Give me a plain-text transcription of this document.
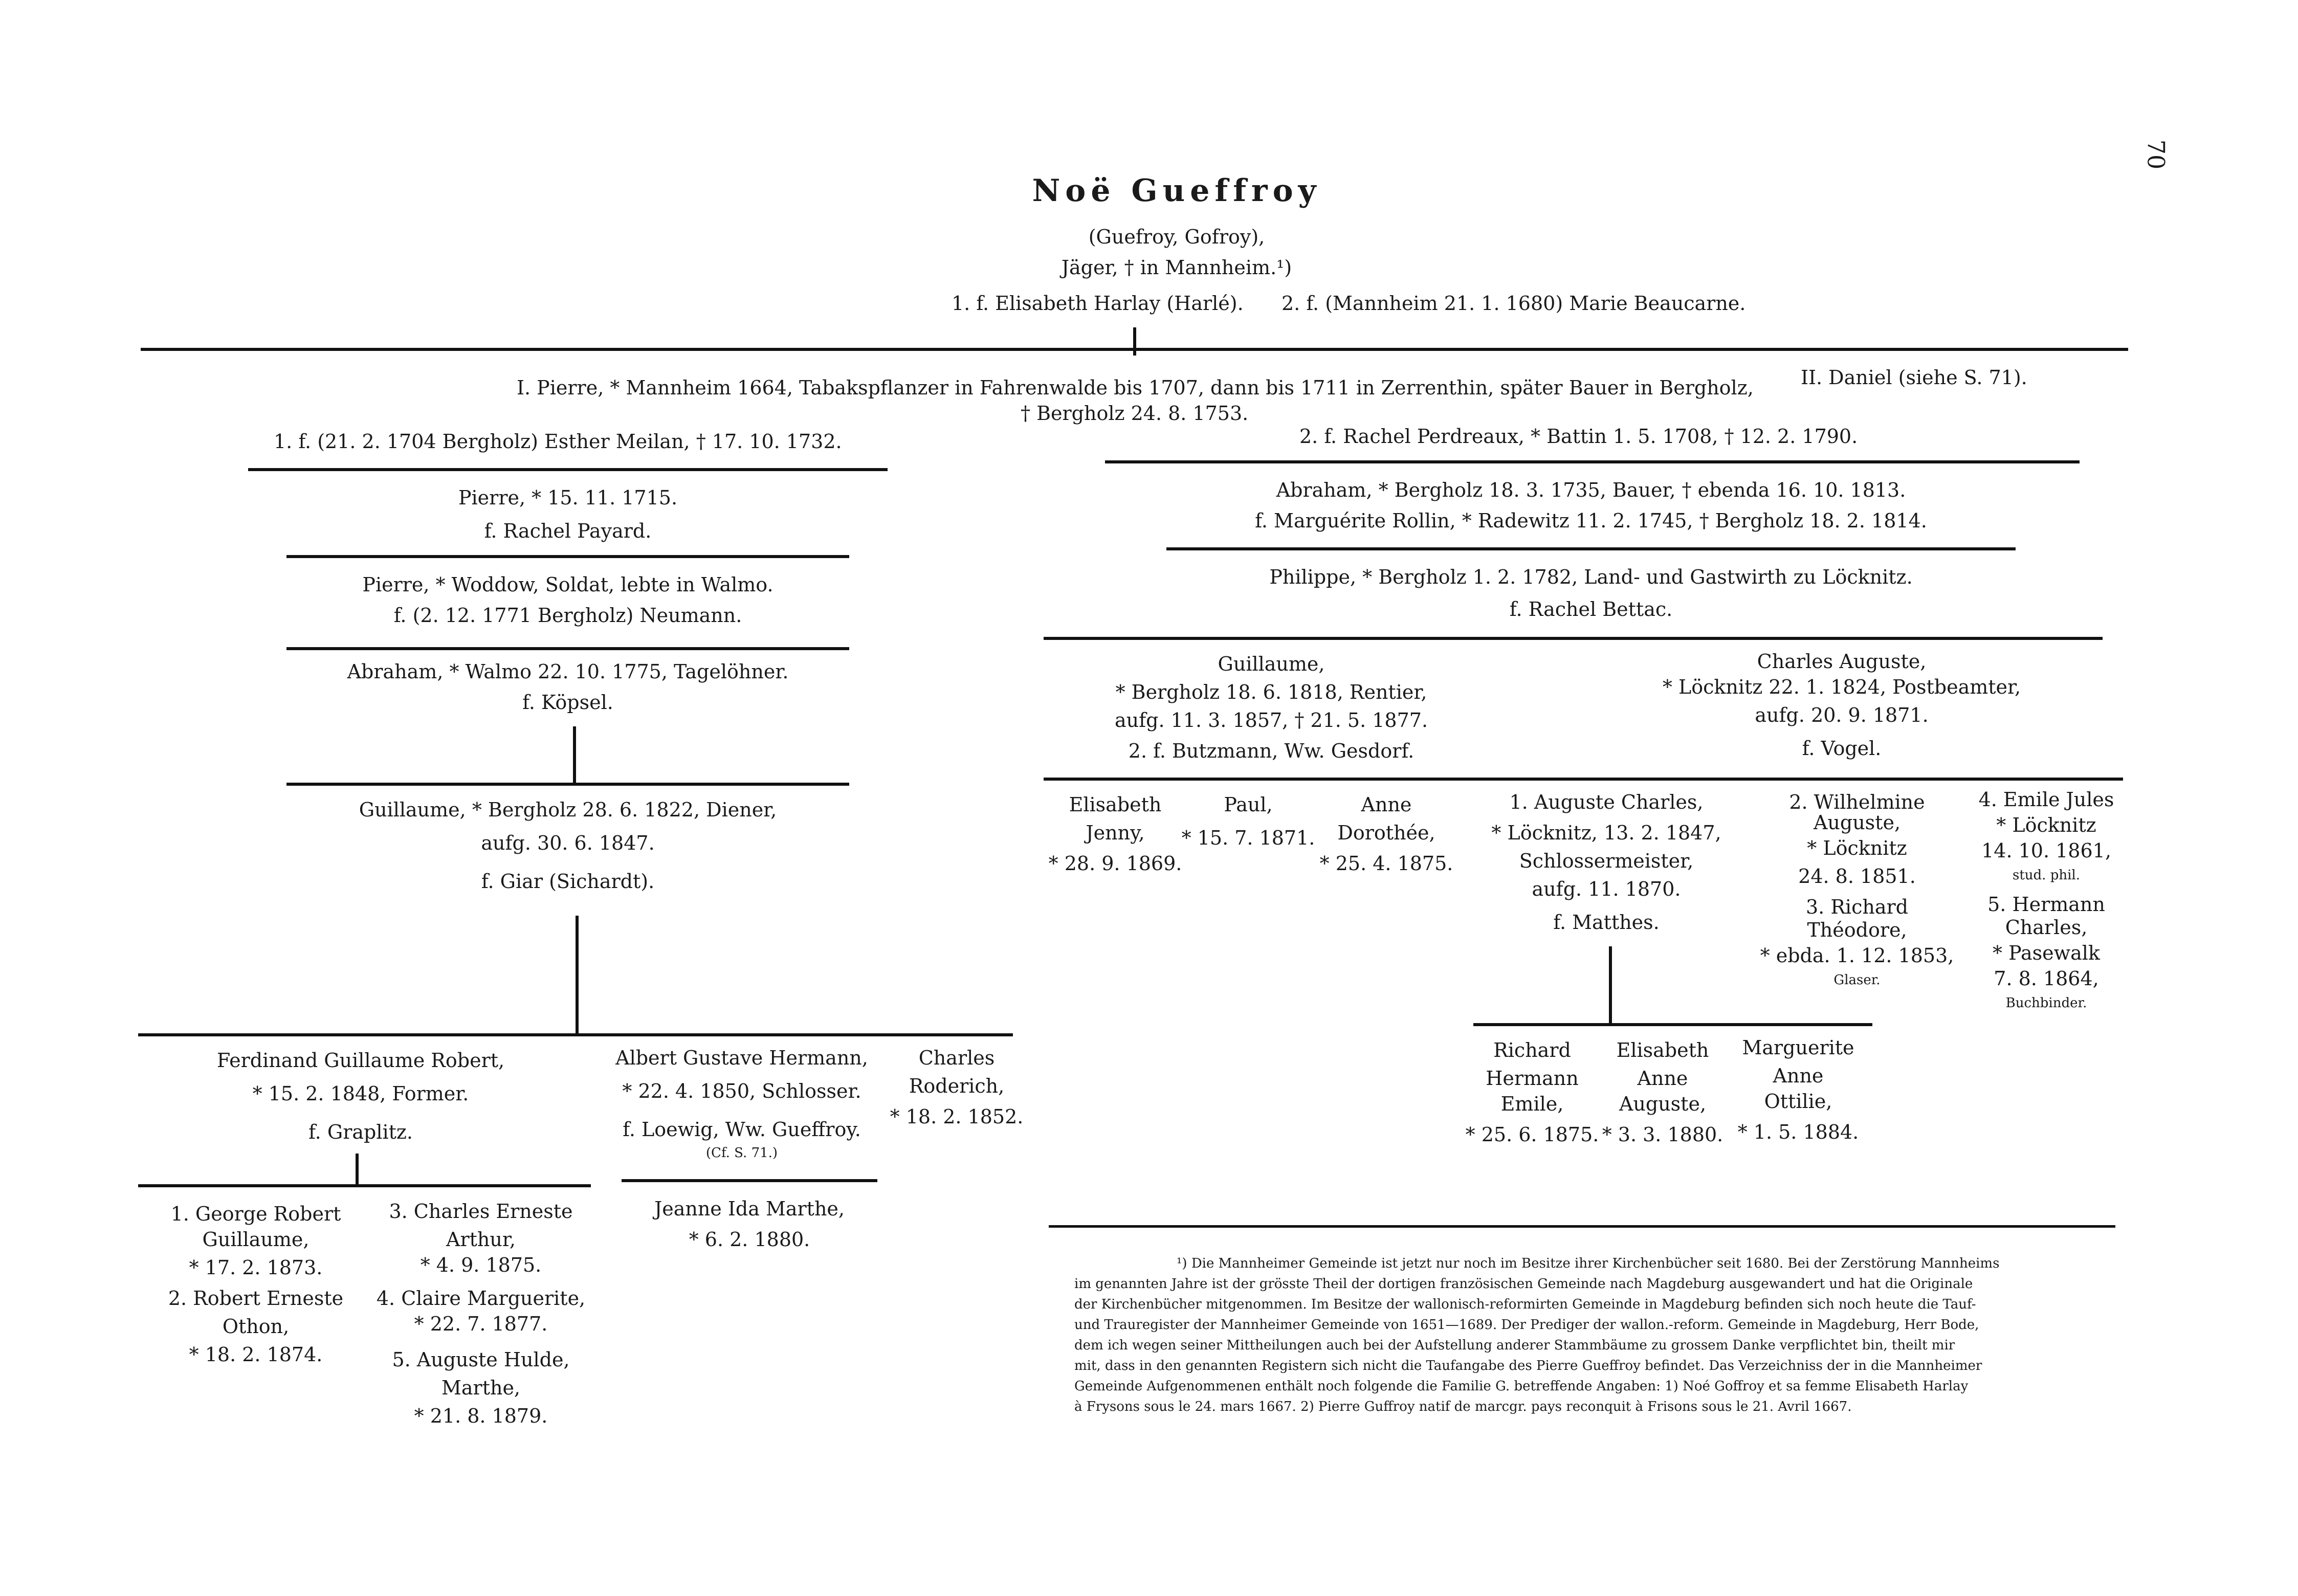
70
Noë Gueffroy
(Guefroy, Gofroy),
Jäger, † in Mannheim.¹)
1. f. Elisabeth Harlay (Harlé). 2. f. (Mannheim 21. 1. 1680) Marie Beaucarne.
I. Pierre, * Mannheim 1664, Tabakspflanzer in Fahrenwalde bis 1707, dann bis 1711 in Zerrenthin, später Bauer in Bergholz, II. Daniel (siehe S. 71).
† Bergholz 24. 8. 1753.
1. f. (21. 2. 1704 Bergholz) Esther Meilan, † 17. 10. 1732.	2. f. Rachel Perdreaux, * Battin 1. 5. 1708, † 12. 2. 1790.
Pierre, * 15. 11. 1715.
f. Rachel Payard.
Pierre, * Woddow, Soldat, lebte in Walmo.
f. (2. 12. 1771 Bergholz) Neumann.
Abraham, * Walmo 22. 10. 1775, Tagelöhner.
f. Köpsel.
Guillaume, * Bergholz 28. 6. 1822, Diener,
aufg. 30. 6. 1847.
f. Giar (Sichardt).
Ferdinand Guillaume Robert,
* 15. 2. 1848, Former.
f. Graplitz.
Albert Gustave Hermann,
* 22. 4. 1850, Schlosser.
f. Loewig, Ww. Gueffroy.
(Cf. S. 71.)
Charles
Roderich,
* 18. 2. 1852.
1. George Robert
Guillaume,
* 17. 2. 1873.
2. Robert Erneste
Othon,
* 18. 2. 1874.
3. Charles Erneste
Arthur,
* 4. 9. 1875.
4. Claire Marguerite,
* 22. 7. 1877.
5. Auguste Hulde,
Marthe,
* 21. 8. 1879.
Jeanne Ida Marthe,
* 6. 2. 1880.
Abraham, * Bergholz 18. 3. 1735, Bauer, † ebenda 16. 10. 1813.
f. Marguérite Rollin, * Radewitz 11. 2. 1745, † Bergholz 18. 2. 1814.
Philippe, * Bergholz 1. 2. 1782, Land- und Gastwirth zu Löcknitz.
f. Rachel Bettac.
Guillaume,
* Bergholz 18. 6. 1818, Rentier,
aufg. 11. 3. 1857, † 21. 5. 1877.
2. f. Butzmann, Ww. Gesdorf.
Charles Auguste,
* Löcknitz 22. 1. 1824, Postbeamter,
aufg. 20. 9. 1871.
f. Vogel.
Elisabeth
Jenny,
* 28. 9. 1869.
Paul,
* 15. 7. 1871.
Anne
Dorothée,
* 25. 4. 1875.
1. Auguste Charles,
* Löcknitz, 13. 2. 1847,
Schlossermeister,
aufg. 11. 1870.
f. Matthes.
2. Wilhelmine
Auguste,
* Löcknitz
24. 8. 1851.
3. Richard
Théodore,
* ebda. 1. 12. 1853,
Glaser.
4. Emile Jules
* Löcknitz
14. 10. 1861,
stud. phil.
5. Hermann
Charles,
* Pasewalk
7. 8. 1864,
Buchbinder.
Richard
Hermann
Emile,
* 25. 6. 1875.
Elisabeth
Anne
Auguste,
* 3. 3. 1880.
Marguerite
Anne
Ottilie,
* 1. 5. 1884.
¹) Die Mannheimer Gemeinde ist jetzt nur noch im Besitze ihrer Kirchenbücher seit 1680. Bei der Zerstörung Mannheims
im genannten Jahre ist der grösste Theil der dortigen französischen Gemeinde nach Magdeburg ausgewandert und hat die Originale
der Kirchenbücher mitgenommen. Im Besitze der wallonisch-reformirten Gemeinde in Magdeburg befinden sich noch heute die Tauf-
und Trauregister der Mannheimer Gemeinde von 1651—1689. Der Prediger der wallon.-reform. Gemeinde in Magdeburg, Herr Bode,
dem ich wegen seiner Mittheilungen auch bei der Aufstellung anderer Stammbäume zu grossem Danke verpflichtet bin, theilt mir
mit, dass in den genannten Registern sich nicht die Taufangabe des Pierre Gueffroy befindet. Das Verzeichniss der in die Mannheimer
Gemeinde Aufgenommenen enthält noch folgende die Familie G. betreffende Angaben: 1) Noé Goffroy et sa femme Elisabeth Harlay
à Frysons sous le 24. mars 1667. 2) Pierre Guffroy natif de marcgr. pays reconquit à Frisons sous le 21. Avril 1667.
